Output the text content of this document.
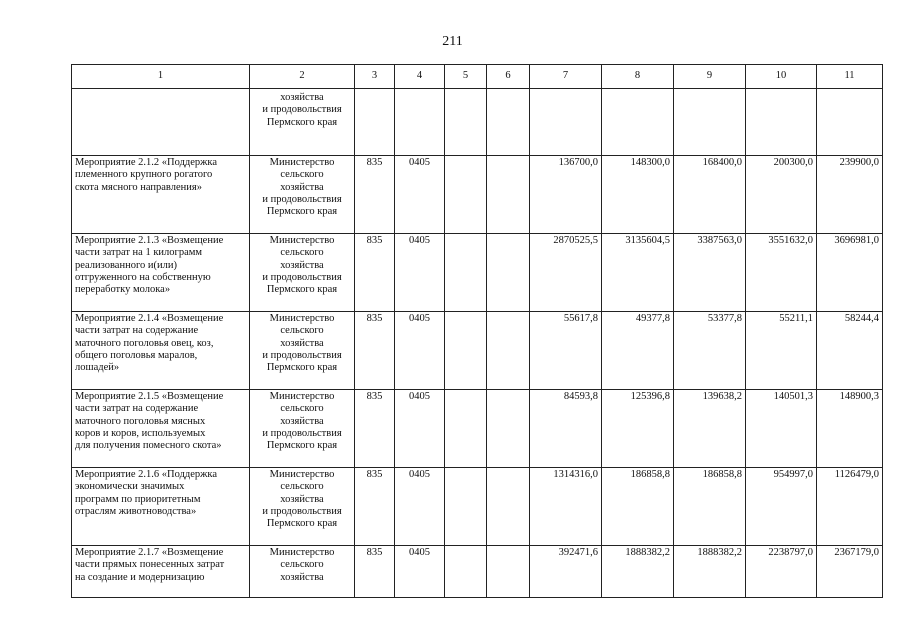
211
1	2	3	4	5	6	7	8	9	10	11
	хозяйства
и продовольствия
Пермского края									
Мероприятие 2.1.2 «Поддержка
племенного крупного рогатого
скота мясного направления»	Министерство
сельского
хозяйства
и продовольствия
Пермского края	835	0405			136700,0	148300,0	168400,0	200300,0	239900,0
Мероприятие 2.1.3 «Возмещение
части затрат на 1 килограмм
реализованного и(или)
отгруженного на собственную
переработку молока»	Министерство
сельского
хозяйства
и продовольствия
Пермского края	835	0405			2870525,5	3135604,5	3387563,0	3551632,0	3696981,0
Мероприятие 2.1.4 «Возмещение
части затрат на содержание
маточного поголовья овец, коз,
общего поголовья маралов,
лошадей»	Министерство
сельского
хозяйства
и продовольствия
Пермского края	835	0405			55617,8	49377,8	53377,8	55211,1	58244,4
Мероприятие 2.1.5 «Возмещение
части затрат на содержание
маточного поголовья мясных
коров и коров, используемых
для получения помесного скота»	Министерство
сельского
хозяйства
и продовольствия
Пермского края	835	0405			84593,8	125396,8	139638,2	140501,3	148900,3
Мероприятие 2.1.6 «Поддержка
экономически значимых
программ по приоритетным
отраслям животноводства»	Министерство
сельского
хозяйства
и продовольствия
Пермского края	835	0405			1314316,0	186858,8	186858,8	954997,0	1126479,0
Мероприятие 2.1.7 «Возмещение
части прямых понесенных затрат
на создание и модернизацию	Министерство
сельского
хозяйства	835	0405			392471,6	1888382,2	1888382,2	2238797,0	2367179,0
